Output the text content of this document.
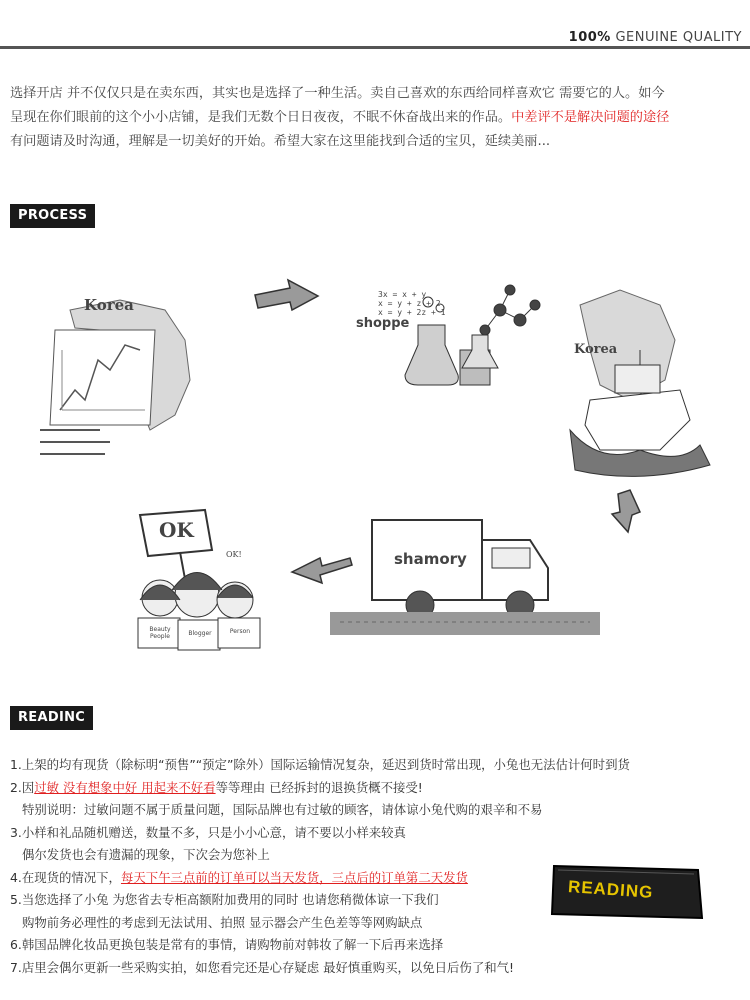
100% GENUINE QUALITY
选择开店 并不仅仅只是在卖东西，其实也是选择了一种生活。卖自己喜欢的东西给同样喜欢它 需要它的人。如今
呈现在你们眼前的这个小小店铺，是我们无数个日日夜夜，不眠不休奋战出来的作品。中差评不是解决问题的途径
有问题请及时沟通，理解是一切美好的开始。希望大家在这里能找到合适的宝贝，延续美丽...
PROCESS
Korea
3x = x + y
x = y + z + 2
x = y + 2z + 1
shoppe
Korea
OK
OK!	shamory
Beauty People	Blogger	Person
READINC
1.上架的均有现货（除标明“预售”“预定”除外）国际运输情况复杂，延迟到货时常出现，小兔也无法估计何时到货
2.因过敏 没有想象中好 用起来不好看等等理由 已经拆封的退换货概不接受!
特别说明：过敏问题不属于质量问题，国际品牌也有过敏的顾客，请体谅小兔代购的艰辛和不易
3.小样和礼品随机赠送，数量不多，只是小小心意，请不要以小样来较真
偶尔发货也会有遗漏的现象，下次会为您补上
4.在现货的情况下，每天下午三点前的订单可以当天发货，三点后的订单第二天发货
5.当您选择了小兔 为您省去专柜高额附加费用的同时 也请您稍微体谅一下我们
购物前务必理性的考虑到无法试用、拍照 显示器会产生色差等等网购缺点
6.韩国品牌化妆品更换包装是常有的事情，请购物前对韩妆了解一下后再来选择
7.店里会偶尔更新一些采购实拍，如您看完还是心存疑虑 最好慎重购买，以免日后伤了和气!
READING
